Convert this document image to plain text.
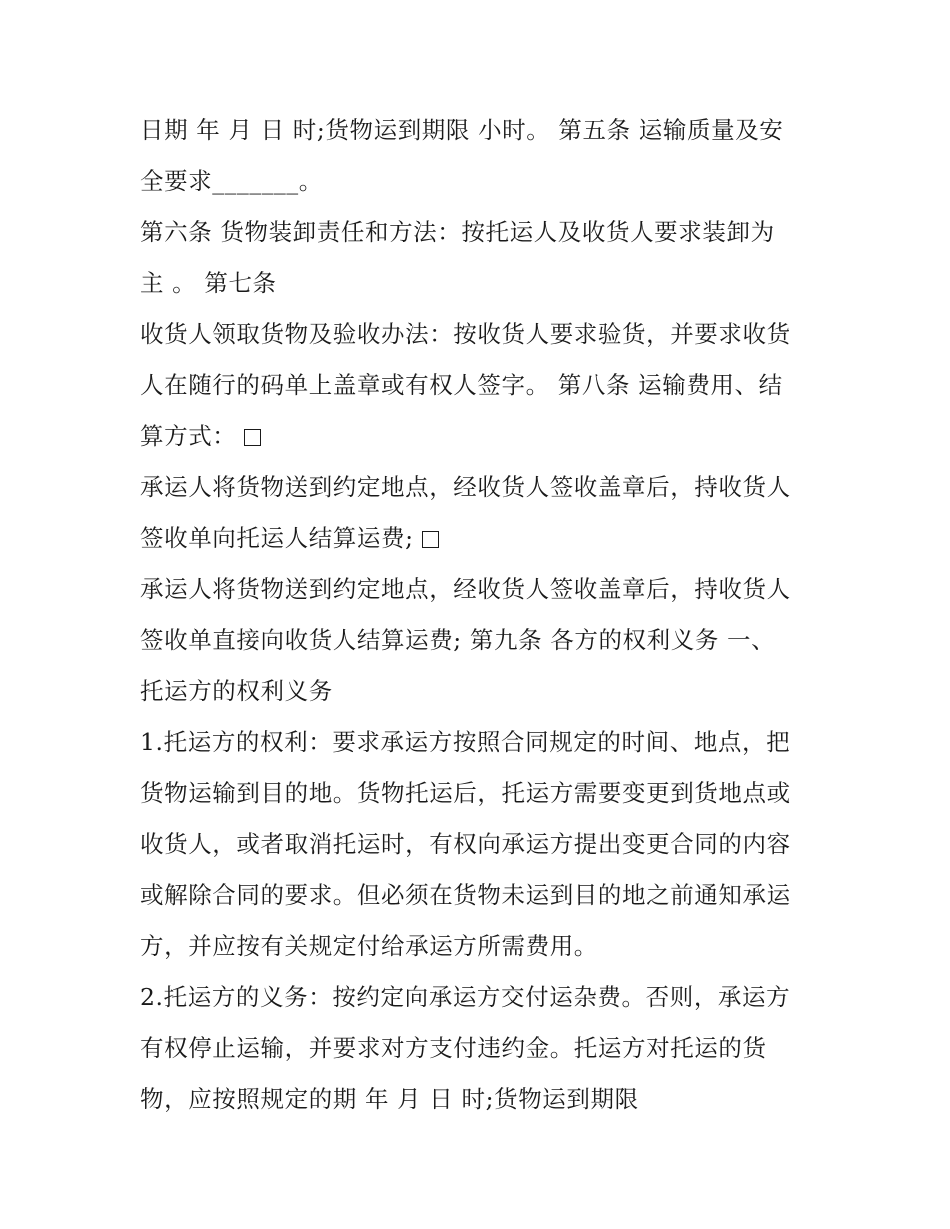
日期 年 月 日 时;货物运到期限 小时。 第五条 运输质量及安
全要求_______。
第六条 货物装卸责任和方法：按托运人及收货人要求装卸为
主 。 第七条
收货人领取货物及验收办法：按收货人要求验货，并要求收货
人在随行的码单上盖章或有权人签字。 第八条 运输费用、结
算方式：
承运人将货物送到约定地点，经收货人签收盖章后，持收货人
签收单向托运人结算运费;
承运人将货物送到约定地点，经收货人签收盖章后，持收货人
签收单直接向收货人结算运费; 第九条 各方的权利义务 一、
托运方的权利义务
1.托运方的权利：要求承运方按照合同规定的时间、地点，把
货物运输到目的地。货物托运后，托运方需要变更到货地点或
收货人，或者取消托运时，有权向承运方提出变更合同的内容
或解除合同的要求。但必须在货物未运到目的地之前通知承运
方，并应按有关规定付给承运方所需费用。
2.托运方的义务：按约定向承运方交付运杂费。否则，承运方
有权停止运输，并要求对方支付违约金。托运方对托运的货
物，应按照规定的期 年 月 日 时;货物运到期限
